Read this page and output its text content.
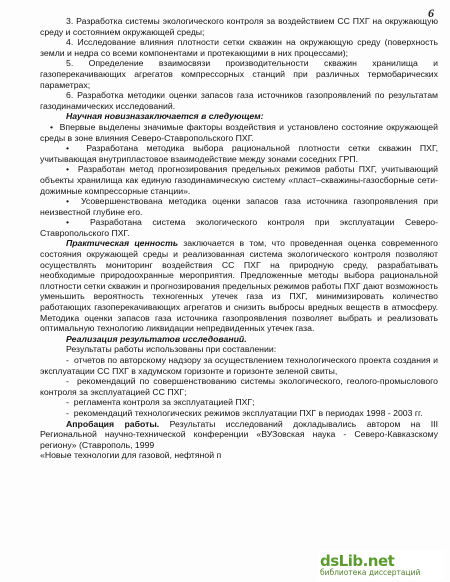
6

3. Разработка системы экологического контроля за воздействием СС ПХГ на окружающую среду и состоянием окружающей среды;

4. Исследование влияния плотности сетки скважин на окружающую среду (поверхность земли и недра со всеми компонентами и протекающими в них процессами);

5. Определение взаимосвязи производительности скважин хранилища и газоперекачивающих агрегатов компрессорных станций при различных термобарических параметрах;

6. Разработка методики оценки запасов газа источников газопроявлений по результатам газодинамических исследований.

Научная новизназаключается в следующем:

•  Впервые выделены значимые факторы воздействия и установлено состояние окружающей среды в зоне влияния Северо-Ставропольского ПХГ.

•  Разработана методика выбора рациональной плотности сетки скважин ПХГ, учитывающая внутрипластовое взаимодействие между зонами соседних ГРП.

•  Разработан метод прогнозирования предельных режимов работы ПХГ, учитывающий объекты хранилища как единую газодинамическую систему «пласт–скважины-газосборные сети-дожимные компрессорные станции».

•  Усовершенствована методика оценки запасов газа источника газопроявления при неизвестной глубине его.

•  Разработана система экологического контроля при эксплуатации Северо-Ставропольского ПХГ.

Практическая ценность заключается в том, что проведенная оценка современного состояния окружающей среды и реализованная система экологического контроля позволяют осуществлять мониторинг воздействия СС ПХГ на природную среду, разрабатывать необходимые природоохранные мероприятия. Предложенные методы выбора рациональной плотности сетки скважин и прогнозирования предельных режимов работы ПХГ дают возможность уменьшить вероятность техногенных утечек газа из ПХГ, минимизировать количество работающих газоперекачивающих агрегатов и снизить выбросы вредных веществ в атмосферу. Методика оценки запасов газа источника газопроявления позволяет выбрать и реализовать оптимальную технологию ликвидации непредвиденных утечек газа.

Реализация результатов исследований.

Результаты работы использованы при составлении:

-  отчетов по авторскому надзору за осуществлением технологического проекта создания и эксплуатации СС ПХГ в хадумском горизонте и горизонте зеленой свиты,

-  рекомендаций по совершенствованию системы экологического, геолого-промыслового контроля за эксплуатацией СС ПХГ;

-  регламента контроля за эксплуатацией ПХГ;

-  рекомендаций технологических режимов эксплуатации ПХГ в периодах 1998 - 2003 гг.

Апробация работы. Результаты исследований докладывались автором на III Региональной научно-технической конференции «ВУЗовская наука - Северо-Кавказскому региону» (Ставрополь, 1999

«Новые технологии для газовой, нефтяной п

dsLib.net
библиотека диссертаций
